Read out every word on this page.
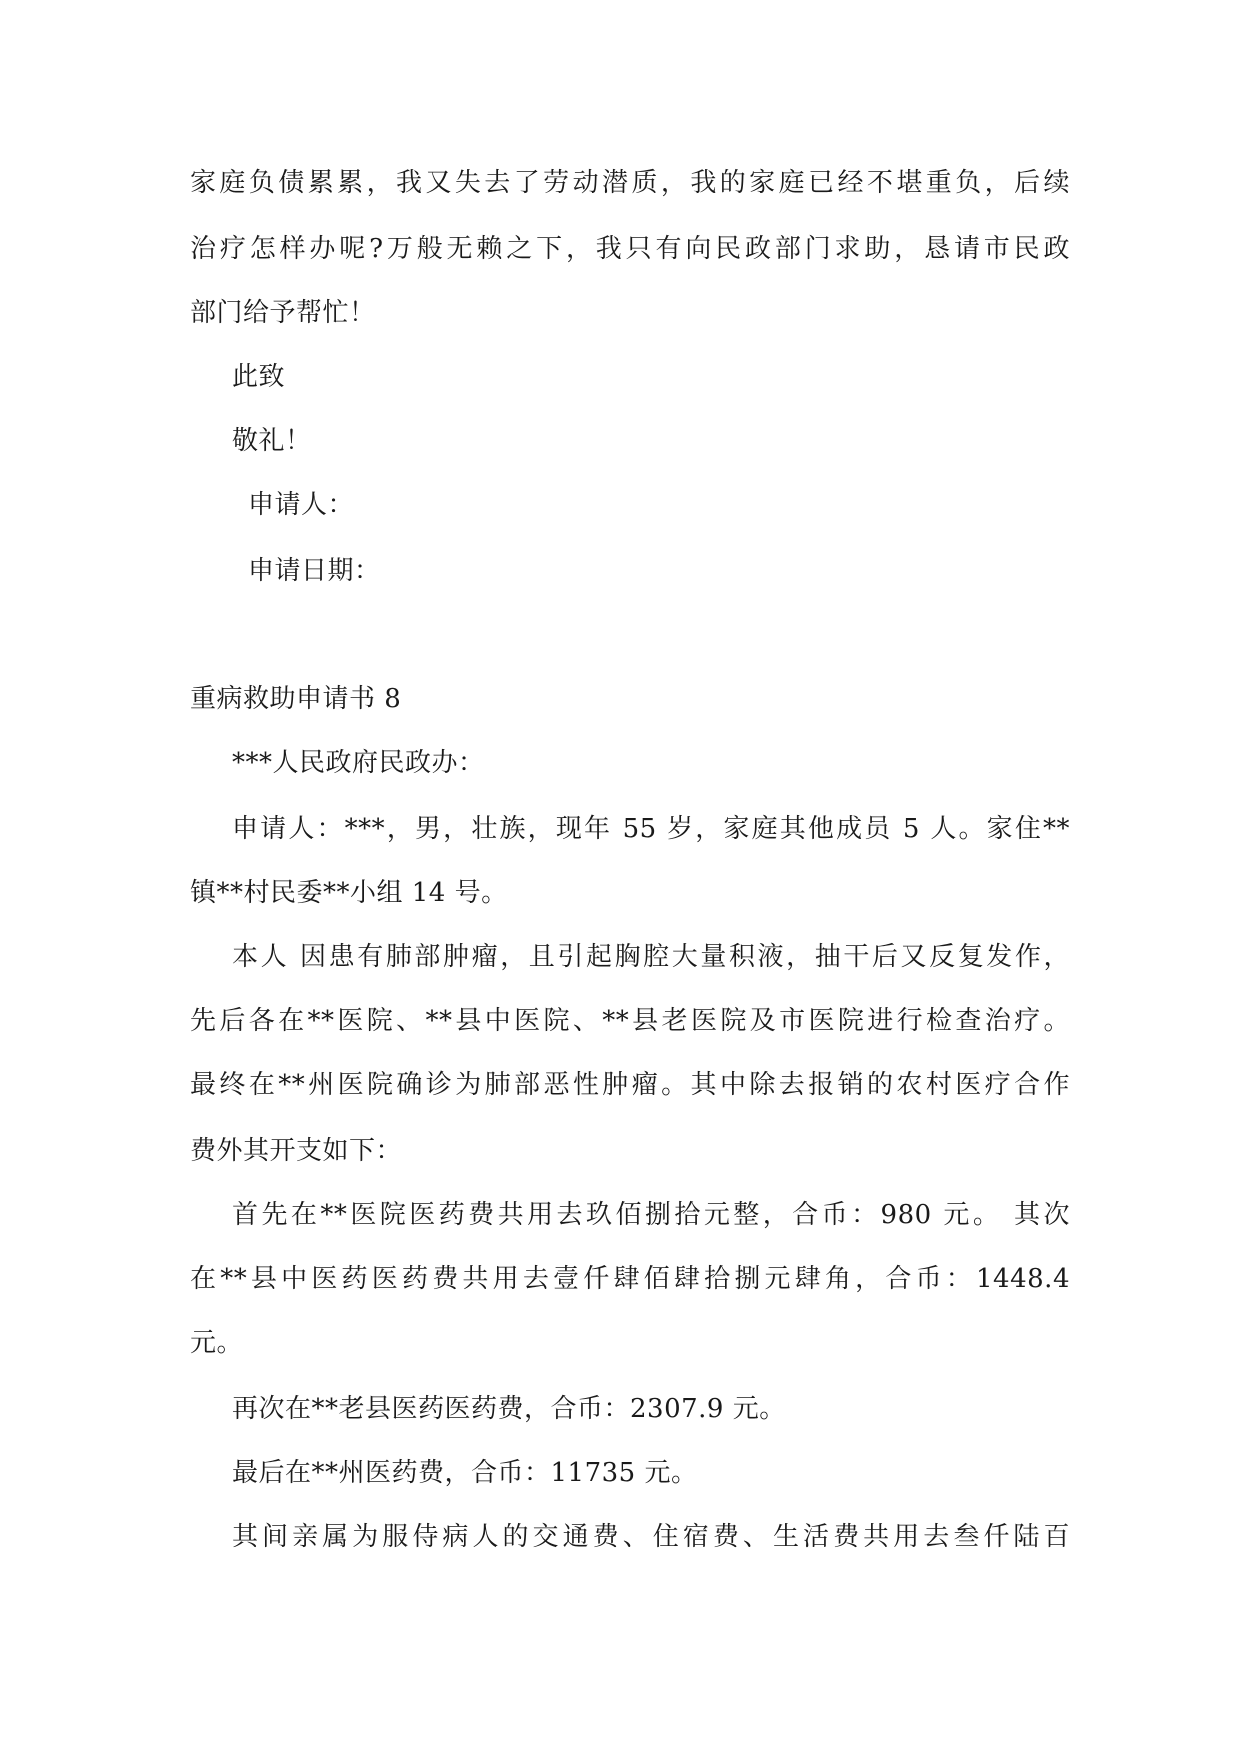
家庭负债累累，我又失去了劳动潜质，我的家庭已经不堪重负，后续
治疗怎样办呢?万般无赖之下，我只有向民政部门求助，恳请市民政
部门给予帮忙！
此致
敬礼！
申请人：
申请日期：
重病救助申请书 8
***人民政府民政办：
申请人：***，男，壮族，现年 55 岁，家庭其他成员 5 人。家住**
镇**村民委**小组 14 号。
本人 因患有肺部肿瘤，且引起胸腔大量积液，抽干后又反复发作，
先后各在**医院、**县中医院、**县老医院及市医院进行检查治疗。
最终在**州医院确诊为肺部恶性肿瘤。其中除去报销的农村医疗合作
费外其开支如下：
首先在**医院医药费共用去玖佰捌拾元整，合币：980 元。 其次
在**县中医药医药费共用去壹仟肆佰肆拾捌元肆角，合币：1448.4
元。
再次在**老县医药医药费，合币：2307.9 元。
最后在**州医药费，合币：11735 元。
其间亲属为服侍病人的交通费、住宿费、生活费共用去叁仟陆百
